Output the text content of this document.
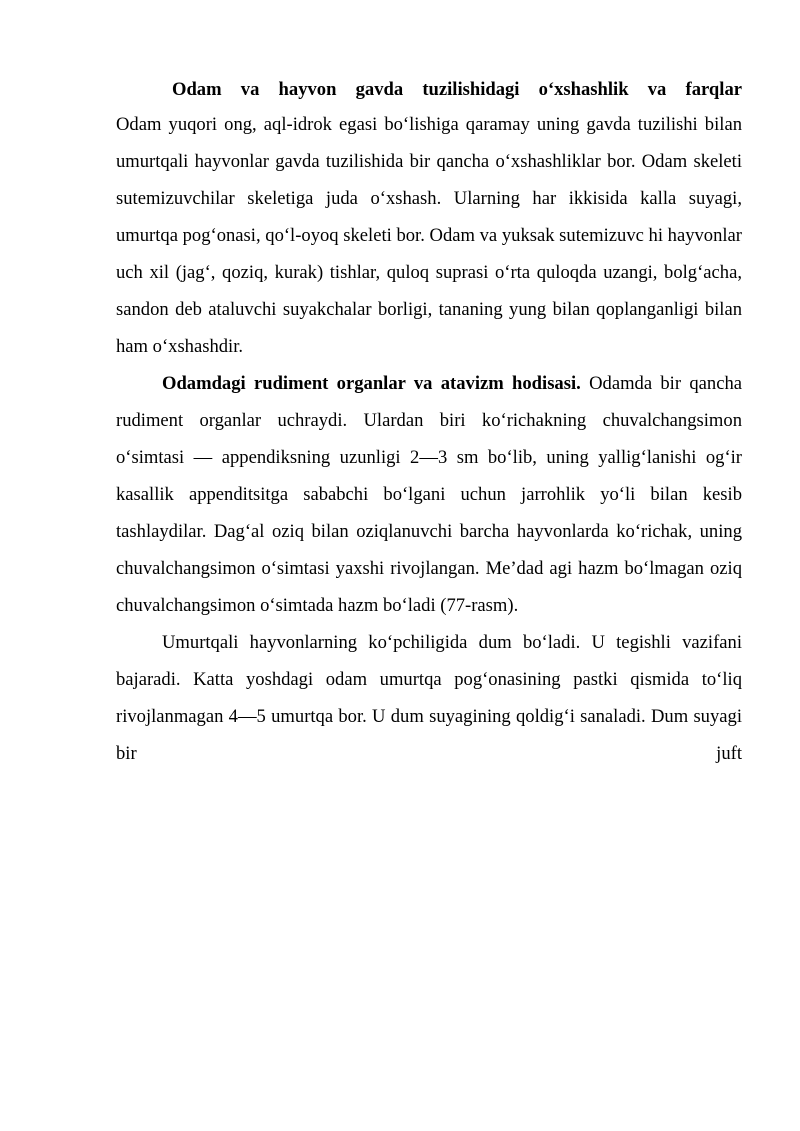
Odam va hayvon gavda tuzilishidagi oʻxshashlik va farqlar

Odam yuqori ong, aql-idrok egasi boʻlishiga qaramay uning gavda tuzilishi bilan umurtqali hayvonlar gavda tuzilishida bir qancha oʻxshashliklar bor. Odam skeleti sutemizuvchilar skeletiga juda oʻxshash. Ularning har ikkisida kalla suyagi, umurtqa pogʻonasi, qoʻl-oyoq skeleti bor. Odam va yuksak sutemizuvc hi hayvonlar uch xil (jagʻ, qoziq, kurak) tishlar, quloq suprasi oʻrta quloqda uzangi, bolgʻacha, sandon deb ataluvchi suyakchalar borligi, tananing yung bilan qoplanganligi bilan ham oʻxshashdir.

Odamdagi rudiment organlar va atavizm hodisasi. Odamda bir qancha rudiment organlar uchraydi. Ulardan biri koʻrichakning chuvalchangsimon oʻsimtasi — appendiksning uzunligi 2—3 sm boʻlib, uning yalligʻlanishi ogʻir kasallik appenditsitga sababchi boʻlgani uchun jarrohlik yoʻli bilan kesib tashlaydilar. Dagʻal oziq bilan oziqlanuvchi barcha hayvonlarda koʻrichak, uning chuvalchangsimon oʻsimtasi yaxshi rivojlangan. Me’dad agi hazm boʻlmagan oziq chuvalchangsimon oʻsimtada hazm boʻladi (77-rasm).

Umurtqali hayvonlarning koʻpchiligida dum boʻladi. U tegishli vazifani bajaradi. Katta yoshdagi odam umurtqa pogʻonasining pastki qismida toʻliq rivojlanmagan 4—5 umurtqa bor. U dum suyagining qoldigʻi sanaladi. Dum suyagi bir juft
